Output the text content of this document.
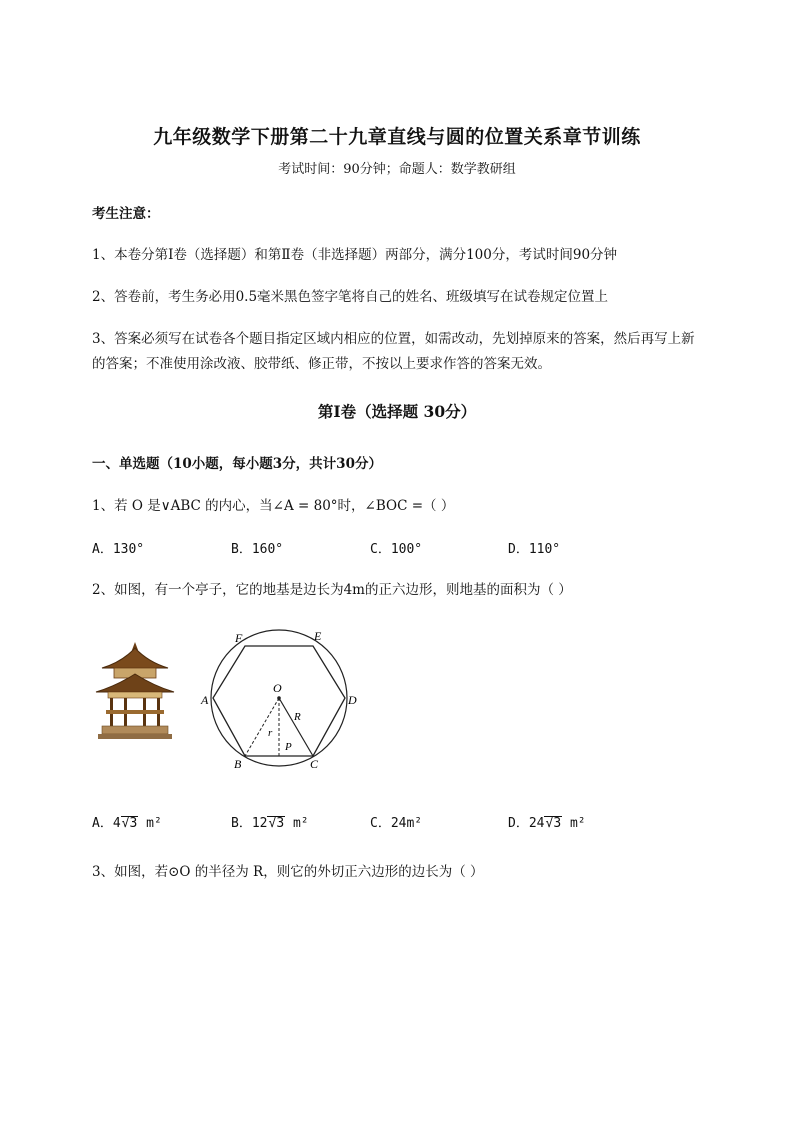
九年级数学下册第二十九章直线与圆的位置关系章节训练
考试时间：90分钟；命题人：数学教研组
考生注意：
1、本卷分第I卷（选择题）和第Ⅱ卷（非选择题）两部分，满分100分，考试时间90分钟
2、答卷前，考生务必用0.5毫米黑色签字笔将自己的姓名、班级填写在试卷规定位置上
3、答案必须写在试卷各个题目指定区域内相应的位置，如需改动，先划掉原来的答案，然后再写上新
的答案；不准使用涂改液、胶带纸、修正带，不按以上要求作答的答案无效。
第I卷（选择题 30分）
一、单选题（10小题，每小题3分，共计30分）
1、若 O 是∨ABC 的内心，当∠A = 80°时，∠BOC =（ ）
A．130°	B．160°	C．100°	D．110°
2、如图，有一个亭子，它的地基是边长为4m的正六边形，则地基的面积为（ ）
F	E
A
O
D
R
r
P
B	C
A．4√3 m²	B．12√3 m²	C．24m²	D．24√3 m²
3、如图，若⊙O 的半径为 R，则它的外切正六边形的边长为（ ）
